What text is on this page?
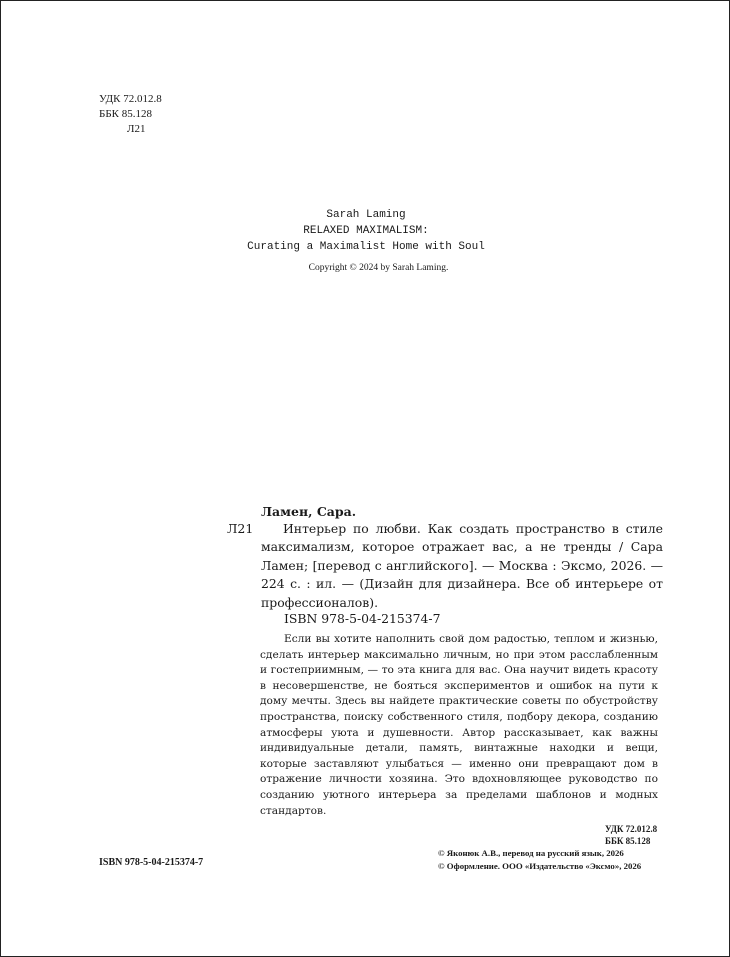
УДК 72.012.8
ББК 85.128
Л21
Sarah Laming
RELAXED MAXIMALISM:
Curating a Maximalist Home with Soul
Copyright © 2024 by Sarah Laming.
Ламен, Сара.
Л21	Интерьер по любви. Как создать пространство в стиле максимализм, которое отражает вас, а не тренды / Сара Ламен; [перевод с английского]. — Москва : Эксмо, 2026. — 224 с. : ил. — (Дизайн для дизайнера. Все об интерьере от профессионалов).
ISBN 978-5-04-215374-7
Если вы хотите наполнить свой дом радостью, теплом и жизнью, сделать интерьер максимально личным, но при этом расслабленным и гостеприимным, — то эта книга для вас. Она научит видеть красоту в несовершенстве, не бояться экспериментов и ошибок на пути к дому мечты. Здесь вы найдете практические советы по обустройству пространства, поиску собственного стиля, подбору декора, созданию атмосферы уюта и душевности. Автор рассказывает, как важны индивидуальные детали, память, винтажные находки и вещи, которые заставляют улыбаться — именно они превращают дом в отражение личности хозяина. Это вдохновляющее руководство по созданию уютного интерьера за пределами шаблонов и модных стандартов.
УДК 72.012.8
ББК 85.128
ISBN 978-5-04-215374-7
© Яконюк А.В., перевод на русский язык, 2026
© Оформление. ООО «Издательство «Эксмо», 2026
